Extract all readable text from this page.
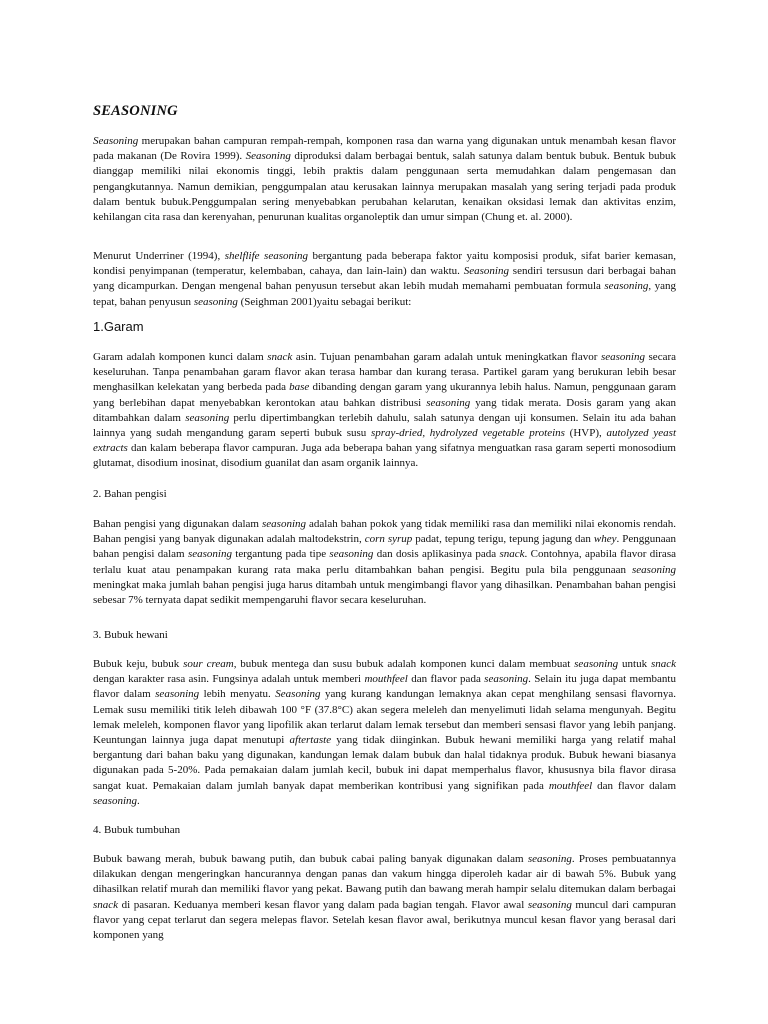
SEASONING

Seasoning merupakan bahan campuran rempah-rempah, komponen rasa dan warna yang digunakan untuk menambah kesan flavor pada makanan (De Rovira 1999). Seasoning diproduksi dalam berbagai bentuk, salah satunya dalam bentuk bubuk. Bentuk bubuk dianggap memiliki nilai ekonomis tinggi, lebih praktis dalam penggunaan serta memudahkan dalam pengemasan dan pengangkutannya. Namun demikian, penggumpalan atau kerusakan lainnya merupakan masalah yang sering terjadi pada produk dalam bentuk bubuk.Penggumpalan sering menyebabkan perubahan kelarutan, kenaikan oksidasi lemak dan aktivitas enzim, kehilangan cita rasa dan kerenyahan, penurunan kualitas organoleptik dan umur simpan (Chung et. al. 2000).

Menurut Underriner (1994), shelflife seasoning bergantung pada beberapa faktor yaitu komposisi produk, sifat barier kemasan, kondisi penyimpanan (temperatur, kelembaban, cahaya, dan lain-lain) dan waktu. Seasoning sendiri tersusun dari berbagai bahan yang dicampurkan. Dengan mengenal bahan penyusun tersebut akan lebih mudah memahami pembuatan formula seasoning, yang tepat, bahan penyusun seasoning (Seighman 2001)yaitu sebagai berikut:

1.Garam

Garam adalah komponen kunci dalam snack asin. Tujuan penambahan garam adalah untuk meningkatkan flavor seasoning secara keseluruhan. Tanpa penambahan garam flavor akan terasa hambar dan kurang terasa. Partikel garam yang berukuran lebih besar menghasilkan kelekatan yang berbeda pada base dibanding dengan garam yang ukurannya lebih halus. Namun, penggunaan garam yang berlebihan dapat menyebabkan kerontokan atau bahkan distribusi seasoning yang tidak merata. Dosis garam yang akan ditambahkan dalam seasoning perlu dipertimbangkan terlebih dahulu, salah satunya dengan uji konsumen. Selain itu ada bahan lainnya yang sudah mengandung garam seperti bubuk susu spray-dried, hydrolyzed vegetable proteins (HVP), autolyzed yeast extracts dan kalam beberapa flavor campuran. Juga ada beberapa bahan yang sifatnya menguatkan rasa garam seperti monosodium glutamat, disodium inosinat, disodium guanilat dan asam organik lainnya.

2. Bahan pengisi

Bahan pengisi yang digunakan dalam seasoning adalah bahan pokok yang tidak memiliki rasa dan memiliki nilai ekonomis rendah. Bahan pengisi yang banyak digunakan adalah maltodekstrin, corn syrup padat, tepung terigu, tepung jagung dan whey. Penggunaan bahan pengisi dalam seasoning tergantung pada tipe seasoning dan dosis aplikasinya pada snack. Contohnya, apabila flavor dirasa terlalu kuat atau penampakan kurang rata maka perlu ditambahkan bahan pengisi. Begitu pula bila penggunaan seasoning meningkat maka jumlah bahan pengisi juga harus ditambah untuk mengimbangi flavor yang dihasilkan. Penambahan bahan pengisi sebesar 7% ternyata dapat sedikit mempengaruhi flavor secara keseluruhan.

3. Bubuk hewani

Bubuk keju, bubuk sour cream, bubuk mentega dan susu bubuk adalah komponen kunci dalam membuat seasoning untuk snack dengan karakter rasa asin. Fungsinya adalah untuk memberi mouthfeel dan flavor pada seasoning. Selain itu juga dapat membantu flavor dalam seasoning lebih menyatu. Seasoning yang kurang kandungan lemaknya akan cepat menghilang sensasi flavornya. Lemak susu memiliki titik leleh dibawah 100 °F (37.8°C) akan segera meleleh dan menyelimuti lidah selama mengunyah. Begitu lemak meleleh, komponen flavor yang lipofilik akan terlarut dalam lemak tersebut dan memberi sensasi flavor yang lebih panjang. Keuntungan lainnya juga dapat menutupi aftertaste yang tidak diinginkan. Bubuk hewani memiliki harga yang relatif mahal bergantung dari bahan baku yang digunakan, kandungan lemak dalam bubuk dan halal tidaknya produk. Bubuk hewani biasanya digunakan pada 5-20%. Pada pemakaian dalam jumlah kecil, bubuk ini dapat memperhalus flavor, khususnya bila flavor dirasa sangat kuat. Pemakaian dalam jumlah banyak dapat memberikan kontribusi yang signifikan pada mouthfeel dan flavor dalam seasoning.

4. Bubuk tumbuhan

Bubuk bawang merah, bubuk bawang putih, dan bubuk cabai paling banyak digunakan dalam seasoning. Proses pembuatannya dilakukan dengan mengeringkan hancurannya dengan panas dan vakum hingga diperoleh kadar air di bawah 5%. Bubuk yang dihasilkan relatif murah dan memiliki flavor yang pekat. Bawang putih dan bawang merah hampir selalu ditemukan dalam berbagai snack di pasaran. Keduanya memberi kesan flavor yang dalam pada bagian tengah. Flavor awal seasoning muncul dari campuran flavor yang cepat terlarut dan segera melepas flavor. Setelah kesan flavor awal, berikutnya muncul kesan flavor yang berasal dari komponen yang
